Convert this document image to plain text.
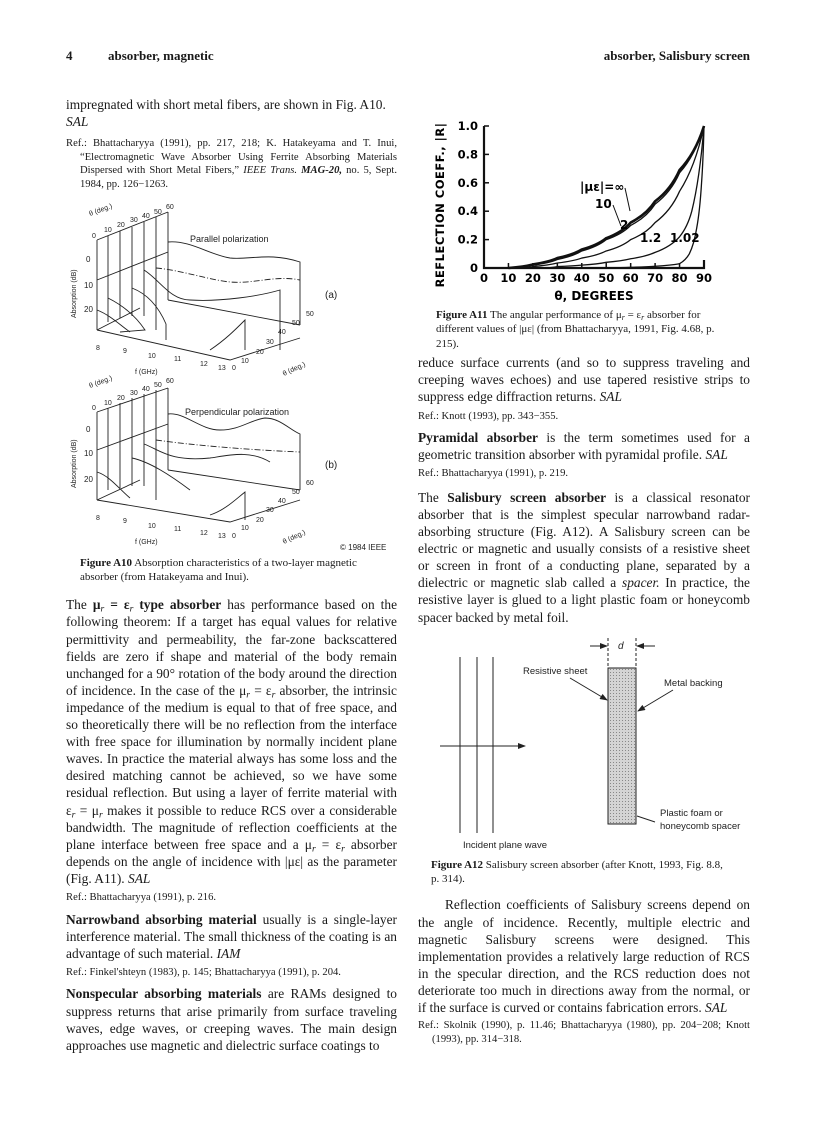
4	absorber, magnetic	absorber, Salisbury screen

impregnated with short metal fibers, are shown in Fig. A10. SAL

Ref.: Bhattacharyya (1991), pp. 217, 218; K. Hatakeyama and T. Inui, “Electromagnetic Wave Absorber Using Ferrite Absorbing Materials Dispersed with Short Metal Fibers,” IEEE Trans. MAG-20, no. 5, Sept. 1984, pp. 126−1263.

Parallel polarization
Perpendicular polarization
(a)
(b)
Absorption (dB)
Absorption (dB)
0
10
20
0
10
20
θ (deg.)
θ (deg.)
0
10
20
30
40
50
60
0
10
20
30
40
50
60
8	9
10	11
12
13
f (GHz)
8	9
10	11
12 13
f (GHz)
0
10
20
30
40
50
50
θ (deg.)
0
10
20
30
40
50
60
θ (deg.)
© 1984 IEEE

Figure A10 Absorption characteristics of a two-layer magnetic absorber (from Hatakeyama and Inui).

The $\mu_r = \varepsilon_r$ type absorber has performance based on the following theorem: If a target has equal values for relative permittivity and permeability, the far-zone backscattered fields are zero if shape and material of the body remain unchanged for a 90° rotation of the body around the direction of incidence. In the case of the $\mu_r = \varepsilon_r$ absorber, the intrinsic impedance of the medium is equal to that of free space, and so theoretically there will be no reflection from the interface with free space for illumination by normally incident plane waves. In practice the material always has some loss and the desired matching cannot be achieved, so we have some residual reflection. But using a layer of ferrite material with $\varepsilon_r = \mu_r$ makes it possible to reduce RCS over a considerable bandwidth. The magnitude of reflection coefficients at the plane interface between free space and a $\mu_r = \varepsilon_r$ absorber depends on the angle of incidence with |με| as the parameter (Fig. A11). SAL

Ref.: Bhattacharyya (1991), p. 216.

Narrowband absorbing material usually is a single-layer interference material. The small thickness of the coating is an advantage of such material. IAM

Ref.: Finkel'shteyn (1983), p. 145; Bhattacharyya (1991), p. 204.

Nonspecular absorbing materials are RAMs designed to suppress returns that arise primarily from surface traveling waves, edge waves, or creeping waves. The main design approaches use magnetic and dielectric surface coatings to

0 10 20 30 40 50 60 70 80 90
0
0.2
0.4
0.6
0.8
1.0
θ, DEGREES
REFLECTION COEFF., |R|	|με|=∞
10
2
1.2 1.02

Figure A11 The angular performance of $\mu_r = \varepsilon_r$ absorber for different values of |με| (from Bhattacharyya, 1991, Fig. 4.68, p. 215).

reduce surface currents (and so to suppress traveling and creeping waves echoes) and use tapered resistive strips to suppress edge diffraction returns. SAL

Ref.: Knott (1993), pp. 343−355.

Pyramidal absorber is the term sometimes used for a geometric transition absorber with pyramidal profile. SAL

Ref.: Bhattacharyya (1991), p. 219.

The Salisbury screen absorber is a classical resonator absorber that is the simplest specular narrowband radar-absorbing structure (Fig. A12). A Salisbury screen can be electric or magnetic and usually consists of a resistive sheet or screen in front of a conducting plane, separated by a dielectric or magnetic slab called a spacer. In practice, the resistive layer is glued to a light plastic foam or honeycomb spacer backed by metal foil.

d
Resistive sheet
Metal backing
Plastic foam or
honeycomb spacer
Incident plane wave

Figure A12 Salisbury screen absorber (after Knott, 1993, Fig. 8.8, p. 314).

Reflection coefficients of Salisbury screens depend on the angle of incidence. Recently, multiple electric and magnetic Salisbury screens were designed. This implementation provides a relatively large reduction of RCS in the specular direction, and the RCS reduction does not deteriorate too much in directions away from the normal, or if the surface is curved or contains fabrication errors. SAL

Ref.: Skolnik (1990), p. 11.46; Bhattacharyya (1980), pp. 204−208; Knott (1993), pp. 314−318.
